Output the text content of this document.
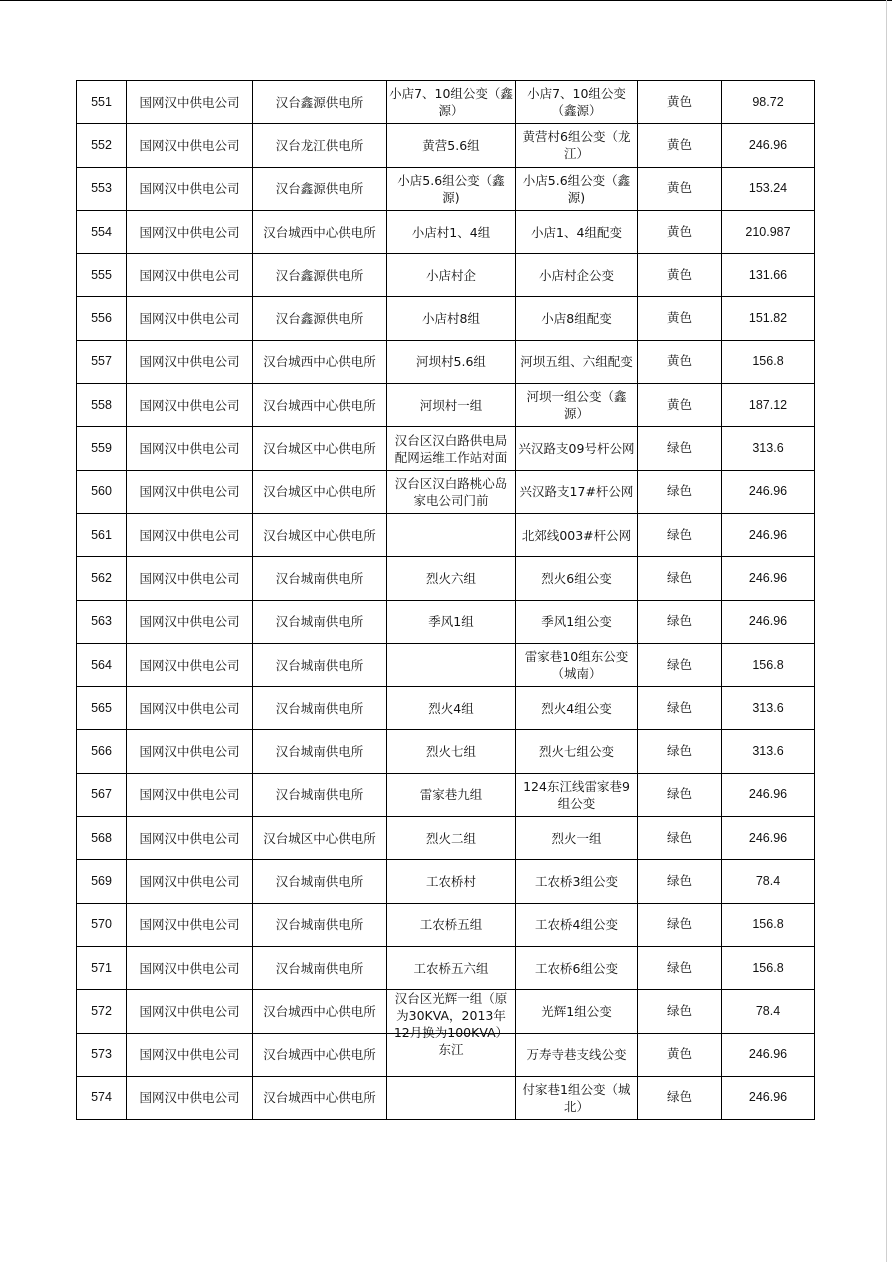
551	国网汉中供电公司	汉台鑫源供电所	小店7、10组公变（鑫源）	小店7、10组公变（鑫源）	黄色	98.72

552	国网汉中供电公司	汉台龙江供电所	黄营5.6组	黄营村6组公变（龙江）	黄色	246.96

553	国网汉中供电公司	汉台鑫源供电所	小店5.6组公变（鑫源)	小店5.6组公变（鑫源)	黄色	153.24

554	国网汉中供电公司	汉台城西中心供电所	小店村1、4组	小店1、4组配变	黄色	210.987

555	国网汉中供电公司	汉台鑫源供电所	小店村企	小店村企公变	黄色	131.66

556	国网汉中供电公司	汉台鑫源供电所	小店村8组	小店8组配变	黄色	151.82

557	国网汉中供电公司	汉台城西中心供电所	河坝村5.6组	河坝五组、六组配变	黄色	156.8

558	国网汉中供电公司	汉台城西中心供电所	河坝村一组	河坝一组公变（鑫源）	黄色	187.12

559	国网汉中供电公司	汉台城区中心供电所	汉台区汉白路供电局配网运维工作站对面	兴汉路支09号杆公网	绿色	313.6

560	国网汉中供电公司	汉台城区中心供电所	汉台区汉白路桃心岛家电公司门前	兴汉路支17#杆公网	绿色	246.96

561	国网汉中供电公司	汉台城区中心供电所		北郊线003#杆公网	绿色	246.96

562	国网汉中供电公司	汉台城南供电所	烈火六组	烈火6组公变	绿色	246.96

563	国网汉中供电公司	汉台城南供电所	季风1组	季风1组公变	绿色	246.96

564	国网汉中供电公司	汉台城南供电所		雷家巷10组东公变（城南）	绿色	156.8

565	国网汉中供电公司	汉台城南供电所	烈火4组	烈火4组公变	绿色	313.6

566	国网汉中供电公司	汉台城南供电所	烈火七组	烈火七组公变	绿色	313.6

567	国网汉中供电公司	汉台城南供电所	雷家巷九组	124东江线雷家巷9组公变	绿色	246.96

568	国网汉中供电公司	汉台城区中心供电所	烈火二组	烈火一组	绿色	246.96

569	国网汉中供电公司	汉台城南供电所	工农桥村	工农桥3组公变	绿色	78.4

570	国网汉中供电公司	汉台城南供电所	工农桥五组	工农桥4组公变	绿色	156.8

571	国网汉中供电公司	汉台城南供电所	工农桥五六组	工农桥6组公变	绿色	156.8

572	国网汉中供电公司	汉台城西中心供电所	汉台区光辉一组（原为30KVA，2013年12月换为100KVA）东江	光辉1组公变	绿色	78.4

573	国网汉中供电公司	汉台城西中心供电所		万寿寺巷支线公变	黄色	246.96

574	国网汉中供电公司	汉台城西中心供电所		付家巷1组公变（城北）	绿色	246.96
